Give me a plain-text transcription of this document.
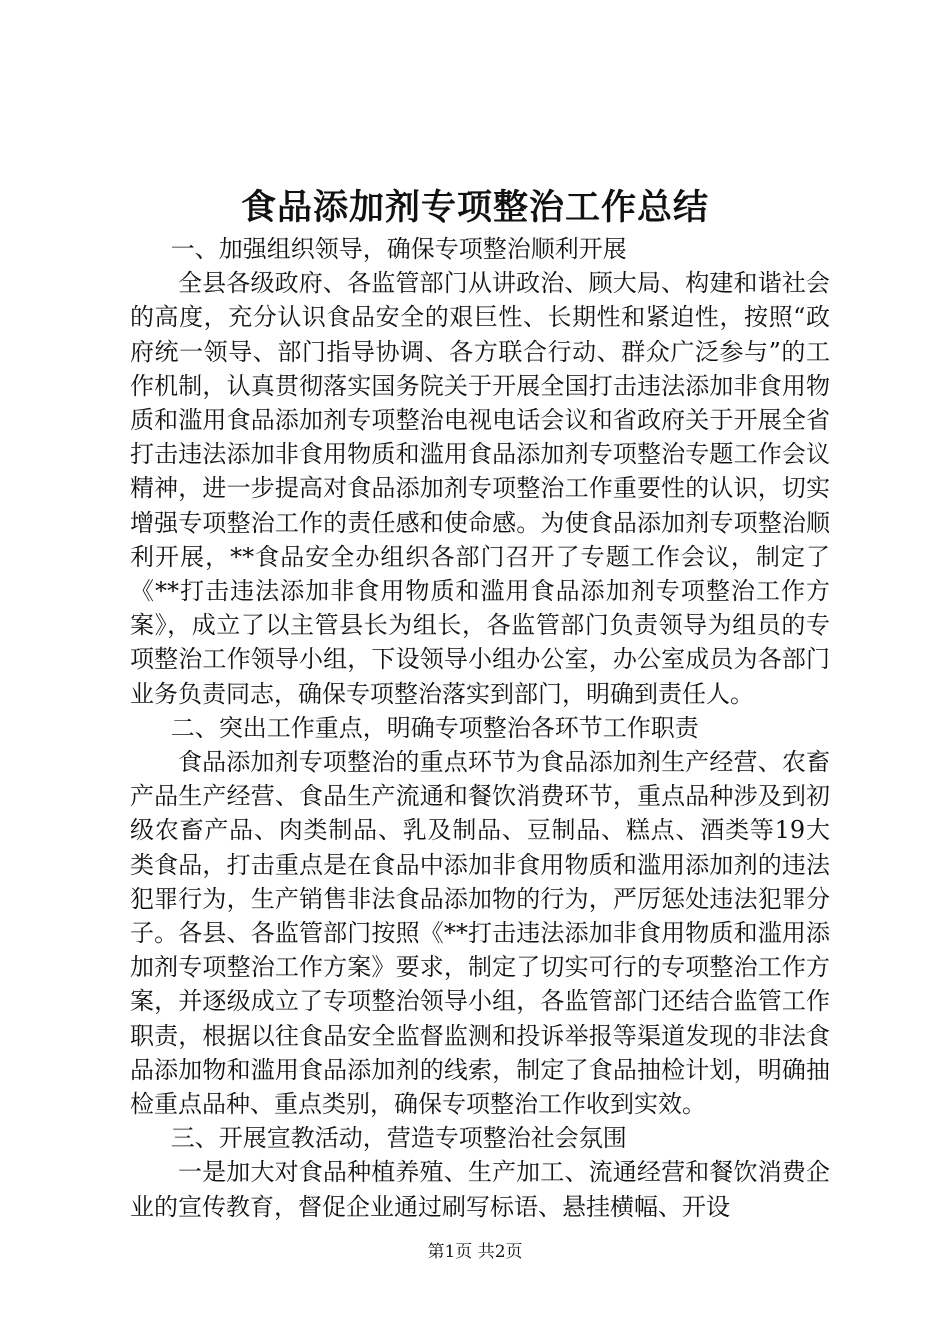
食品添加剂专项整治工作总结

一、加强组织领导，确保专项整治顺利开展

全县各级政府、各监管部门从讲政治、顾大局、构建和谐社会的高度，充分认识食品安全的艰巨性、长期性和紧迫性，按照“政府统一领导、部门指导协调、各方联合行动、群众广泛参与”的工作机制，认真贯彻落实国务院关于开展全国打击违法添加非食用物质和滥用食品添加剂专项整治电视电话会议和省政府关于开展全省打击违法添加非食用物质和滥用食品添加剂专项整治专题工作会议精神，进一步提高对食品添加剂专项整治工作重要性的认识，切实增强专项整治工作的责任感和使命感。为使食品添加剂专项整治顺利开展，**食品安全办组织各部门召开了专题工作会议，制定了《**打击违法添加非食用物质和滥用食品添加剂专项整治工作方案》，成立了以主管县长为组长，各监管部门负责领导为组员的专项整治工作领导小组，下设领导小组办公室，办公室成员为各部门业务负责同志，确保专项整治落实到部门，明确到责任人。

二、突出工作重点，明确专项整治各环节工作职责

食品添加剂专项整治的重点环节为食品添加剂生产经营、农畜产品生产经营、食品生产流通和餐饮消费环节，重点品种涉及到初级农畜产品、肉类制品、乳及制品、豆制品、糕点、酒类等19大类食品，打击重点是在食品中添加非食用物质和滥用添加剂的违法犯罪行为，生产销售非法食品添加物的行为，严厉惩处违法犯罪分子。各县、各监管部门按照《**打击违法添加非食用物质和滥用添加剂专项整治工作方案》要求，制定了切实可行的专项整治工作方案，并逐级成立了专项整治领导小组，各监管部门还结合监管工作职责，根据以往食品安全监督监测和投诉举报等渠道发现的非法食品添加物和滥用食品添加剂的线索，制定了食品抽检计划，明确抽检重点品种、重点类别，确保专项整治工作收到实效。

三、开展宣教活动，营造专项整治社会氛围

一是加大对食品种植养殖、生产加工、流通经营和餐饮消费企业的宣传教育，督促企业通过刷写标语、悬挂横幅、开设

第1页 共2页
